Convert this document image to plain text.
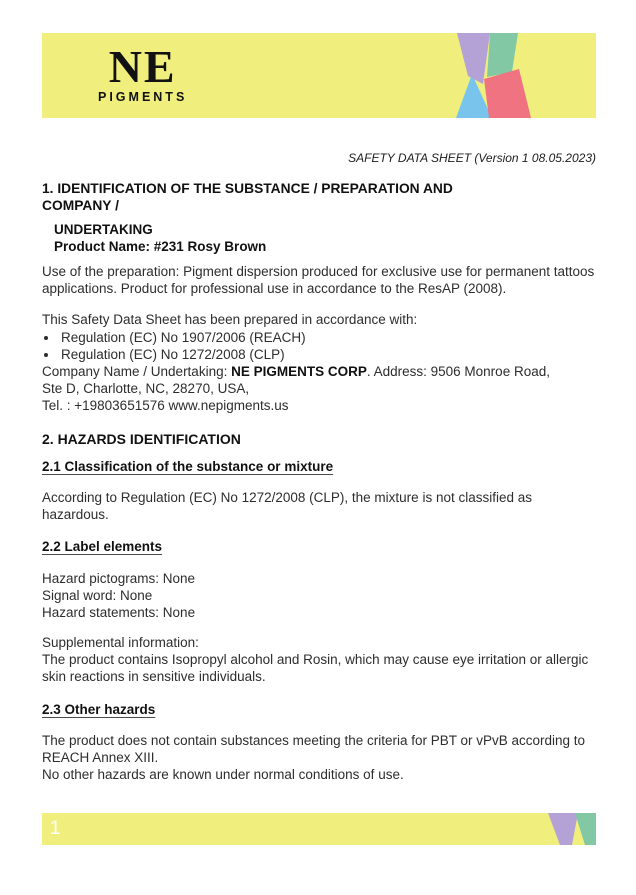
NE
PIGMENTS
SAFETY DATA SHEET (Version 1 08.05.2023)
1. IDENTIFICATION OF THE SUBSTANCE / PREPARATION AND
COMPANY /
UNDERTAKING
Product Name: #231 Rosy Brown

Use of the preparation: Pigment dispersion produced for exclusive use for permanent tattoos applications. Product for professional use in accordance to the ResAP (2008).

This Safety Data Sheet has been prepared in accordance with:
• Regulation (EC) No 1907/2006 (REACH)
• Regulation (EC) No 1272/2008 (CLP)
Company Name / Undertaking: NE PIGMENTS CORP. Address: 9506 Monroe Road,
Ste D, Charlotte, NC, 28270, USA,
Tel. : +19803651576 www.nepigments.us
2. HAZARDS IDENTIFICATION
2.1 Classification of the substance or mixture

According to Regulation (EC) No 1272/2008 (CLP), the mixture is not classified as hazardous.

2.2 Label elements
Hazard pictograms: None
Signal word: None
Hazard statements: None
Supplemental information:
The product contains Isopropyl alcohol and Rosin, which may cause eye irritation or allergic skin reactions in sensitive individuals.
2.3 Other hazards
The product does not contain substances meeting the criteria for PBT or vPvB according to REACH Annex XIII.
No other hazards are known under normal conditions of use.
1
